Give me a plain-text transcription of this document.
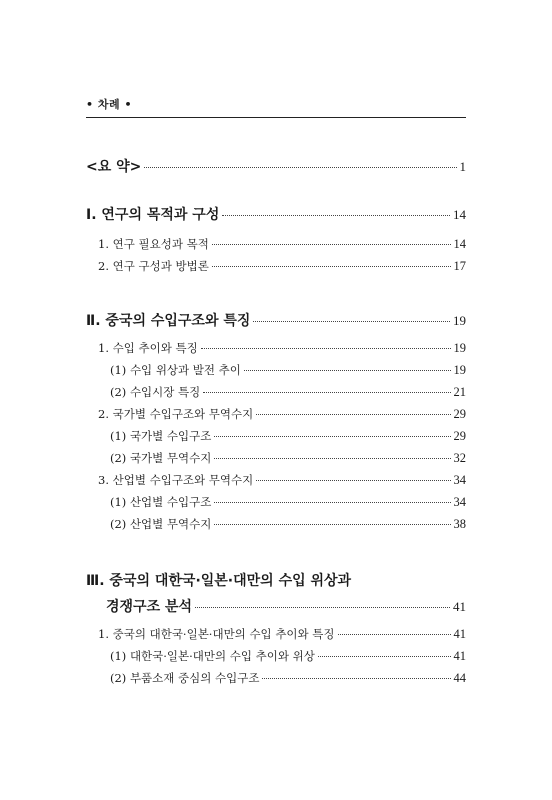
• 차례 •
<요 약>	1
Ⅰ. 연구의 목적과 구성	14
1. 연구 필요성과 목적	14
2. 연구 구성과 방법론	17
Ⅱ. 중국의 수입구조와 특징	19
1. 수입 추이와 특징	19
(1) 수입 위상과 발전 추이	19
(2) 수입시장 특징	21
2. 국가별 수입구조와 무역수지	29
(1) 국가별 수입구조	29
(2) 국가별 무역수지	32
3. 산업별 수입구조와 무역수지	34
(1) 산업별 수입구조	34
(2) 산업별 무역수지	38
Ⅲ. 중국의 대한국·일본·대만의 수입 위상과
경쟁구조 분석	41
1. 중국의 대한국·일본·대만의 수입 추이와 특징	41
(1) 대한국·일본·대만의 수입 추이와 위상	41
(2) 부품소재 중심의 수입구조	44
